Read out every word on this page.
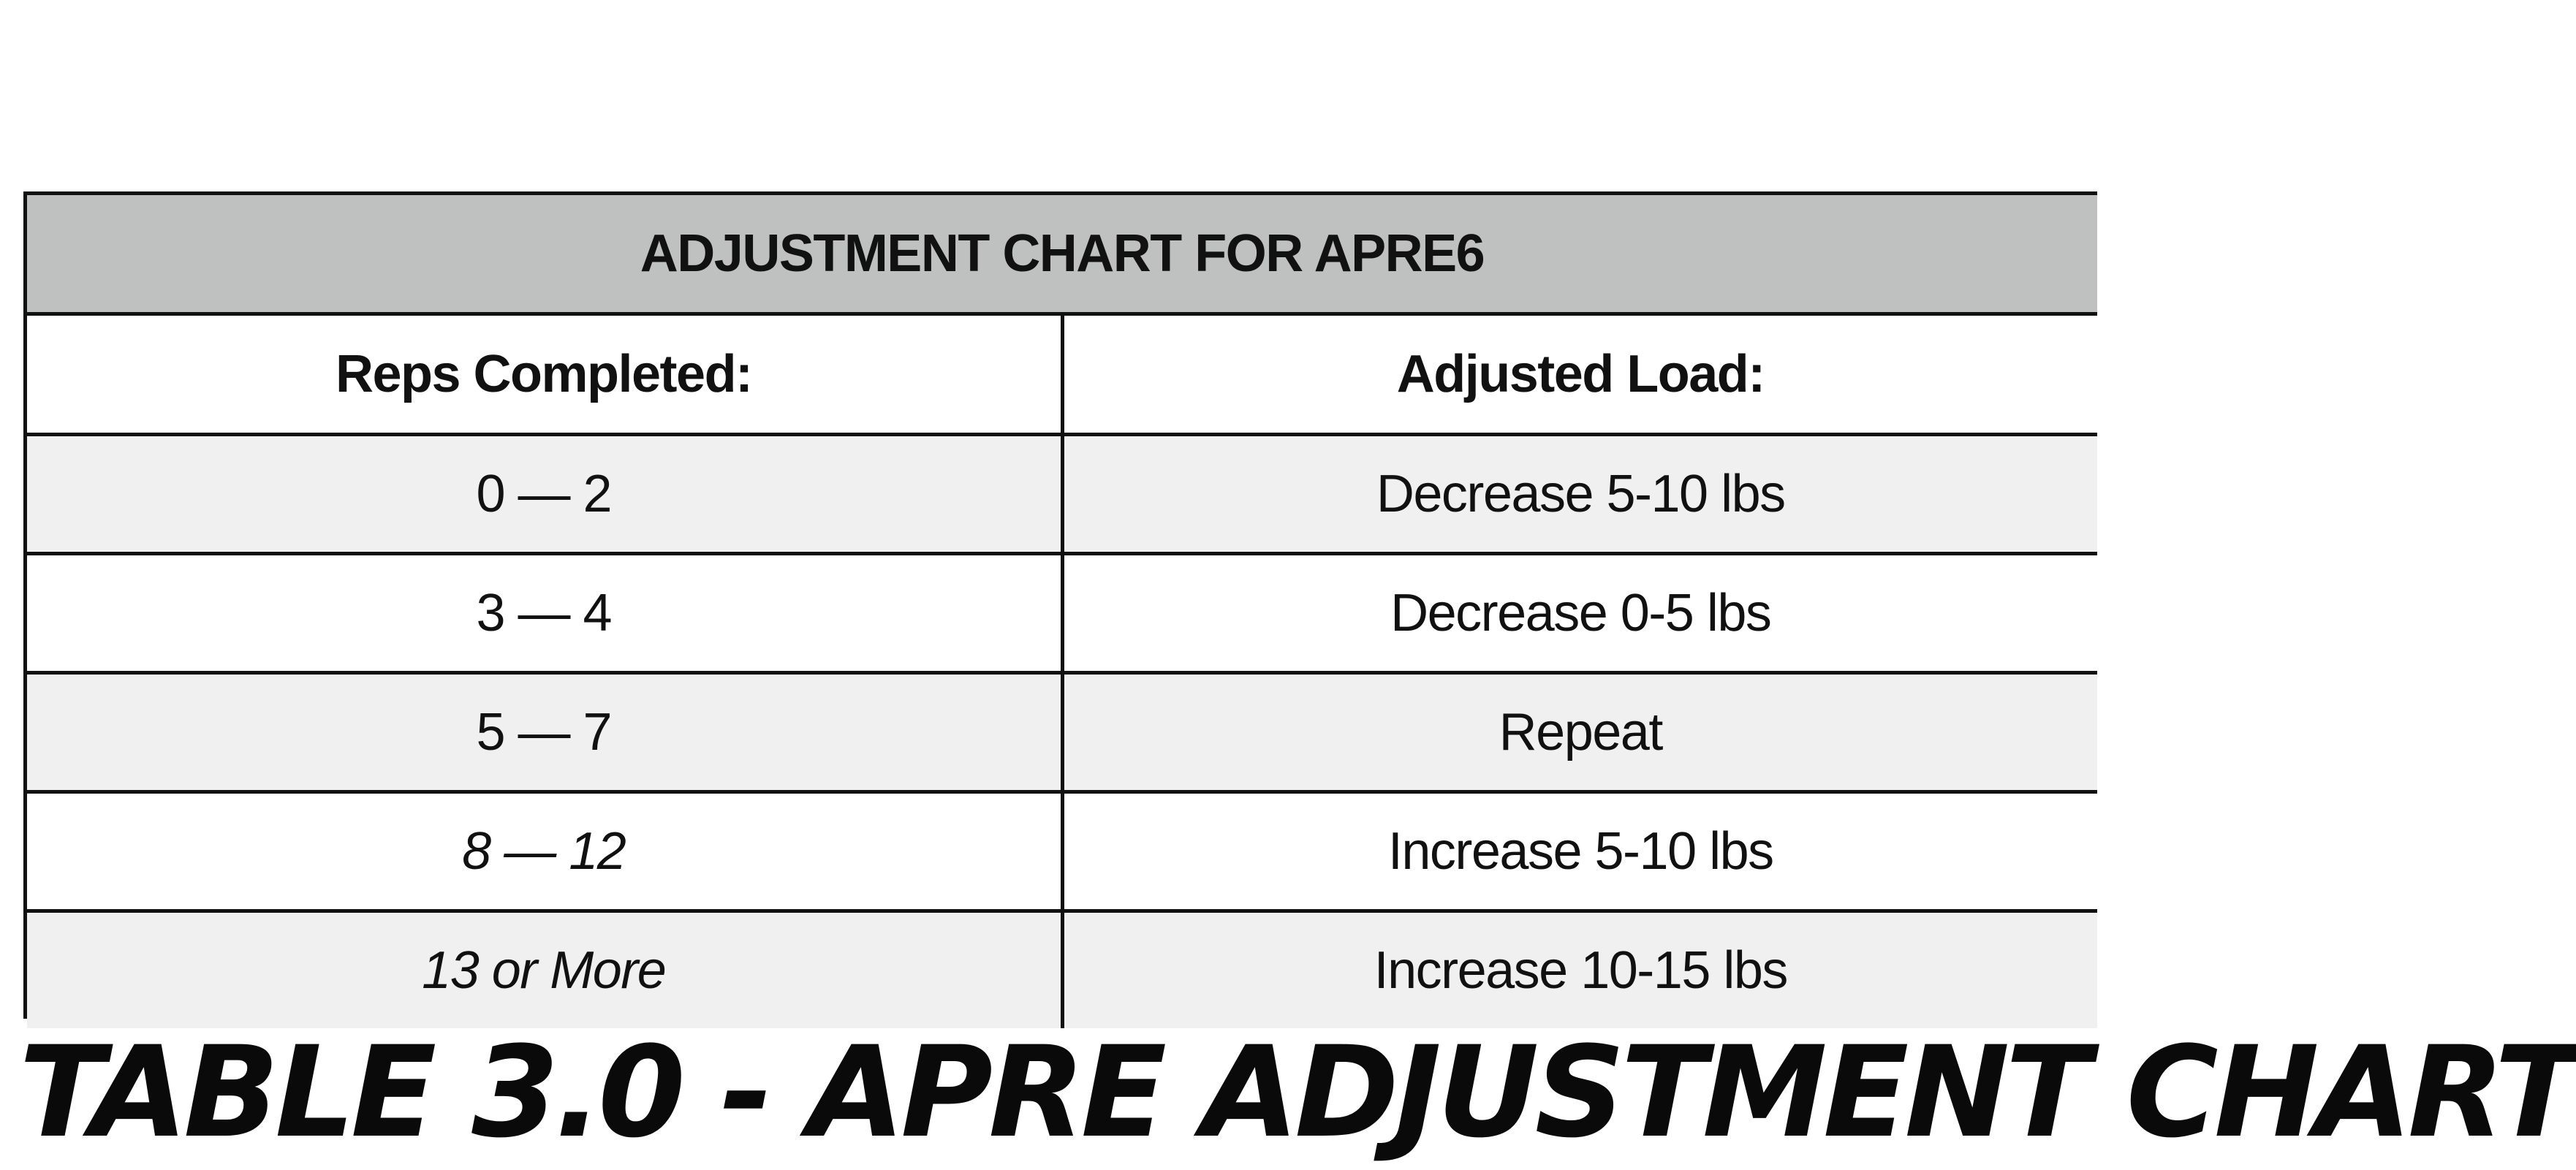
ADJUSTMENT CHART FOR APRE6	
Reps Completed:	Adjusted Load:
0 — 2	Decrease 5-10 lbs
3 — 4	Decrease 0-5 lbs
5 — 7	Repeat
8 — 12	Increase 5-10 lbs
13 or More	Increase 10-15 lbs
TABLE 3.0 - APRE ADJUSTMENT CHART
